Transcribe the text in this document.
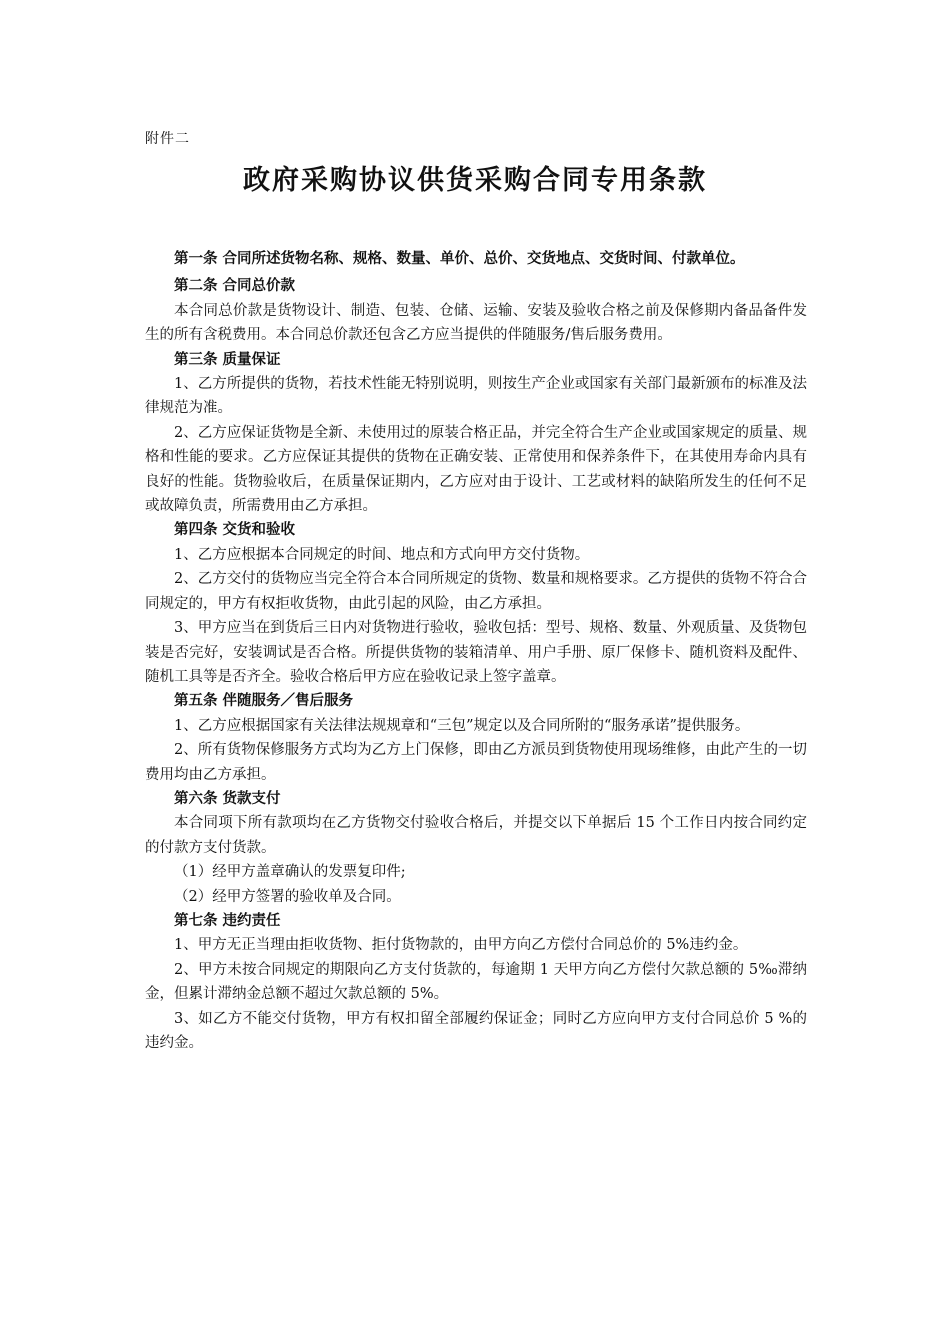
附件二
政府采购协议供货采购合同专用条款

第一条 合同所述货物名称、规格、数量、单价、总价、交货地点、交货时间、付款单位。

第二条 合同总价款

本合同总价款是货物设计、制造、包装、仓储、运输、安装及验收合格之前及保修期内备品备件发生的所有含税费用。本合同总价款还包含乙方应当提供的伴随服务/售后服务费用。

第三条 质量保证

1、乙方所提供的货物，若技术性能无特别说明，则按生产企业或国家有关部门最新颁布的标准及法律规范为准。

2、乙方应保证货物是全新、未使用过的原装合格正品，并完全符合生产企业或国家规定的质量、规格和性能的要求。乙方应保证其提供的货物在正确安装、正常使用和保养条件下，在其使用寿命内具有良好的性能。货物验收后，在质量保证期内，乙方应对由于设计、工艺或材料的缺陷所发生的任何不足或故障负责，所需费用由乙方承担。

第四条 交货和验收

1、乙方应根据本合同规定的时间、地点和方式向甲方交付货物。

2、乙方交付的货物应当完全符合本合同所规定的货物、数量和规格要求。乙方提供的货物不符合合同规定的，甲方有权拒收货物，由此引起的风险，由乙方承担。

3、甲方应当在到货后三日内对货物进行验收，验收包括：型号、规格、数量、外观质量、及货物包装是否完好，安装调试是否合格。所提供货物的装箱清单、用户手册、原厂保修卡、随机资料及配件、随机工具等是否齐全。验收合格后甲方应在验收记录上签字盖章。

第五条 伴随服务／售后服务

1、乙方应根据国家有关法律法规规章和“三包”规定以及合同所附的“服务承诺”提供服务。

2、所有货物保修服务方式均为乙方上门保修，即由乙方派员到货物使用现场维修，由此产生的一切费用均由乙方承担。

第六条 货款支付

本合同项下所有款项均在乙方货物交付验收合格后，并提交以下单据后 15 个工作日内按合同约定的付款方支付货款。

（1）经甲方盖章确认的发票复印件;

（2）经甲方签署的验收单及合同。

第七条 违约责任

1、甲方无正当理由拒收货物、拒付货物款的，由甲方向乙方偿付合同总价的 5%违约金。

2、甲方未按合同规定的期限向乙方支付货款的，每逾期 1 天甲方向乙方偿付欠款总额的 5‰滞纳金，但累计滞纳金总额不超过欠款总额的 5%。

3、如乙方不能交付货物，甲方有权扣留全部履约保证金；同时乙方应向甲方支付合同总价 5 %的违约金。
